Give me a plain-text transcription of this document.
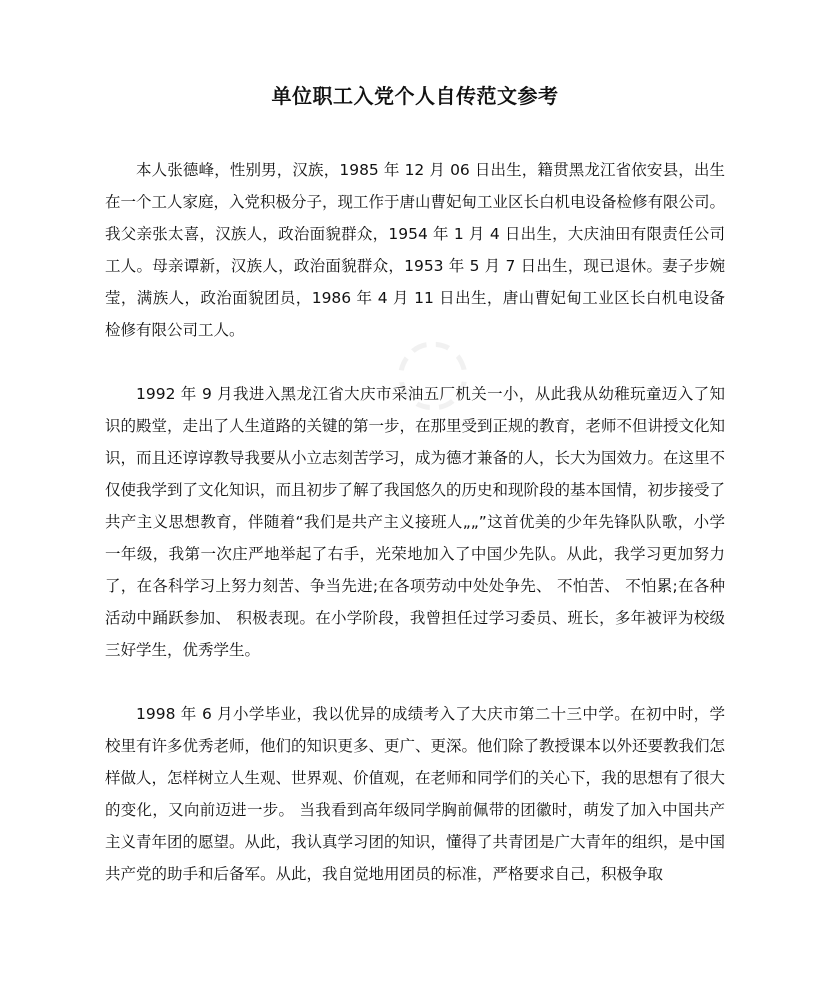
◌
单位职工入党个人自传范文参考

本人张德峰，性别男，汉族，1985 年 12 月 06 日出生，籍贯黑龙江省依安县，出生在一个工人家庭，入党积极分子，现工作于唐山曹妃甸工业区长白机电设备检修有限公司。我父亲张太喜，汉族人，政治面貌群众，1954 年 1 月 4 日出生，大庆油田有限责任公司工人。母亲谭新，汉族人，政治面貌群众，1953 年 5 月 7 日出生，现已退休。妻子步婉莹，满族人，政治面貌团员，1986 年 4 月 11 日出生，唐山曹妃甸工业区长白机电设备检修有限公司工人。

1992 年 9 月我进入黑龙江省大庆市采油五厂机关一小，从此我从幼稚玩童迈入了知识的殿堂，走出了人生道路的关键的第一步，在那里受到正规的教育，老师不但讲授文化知识，而且还谆谆教导我要从小立志刻苦学习，成为德才兼备的人，长大为国效力。在这里不仅使我学到了文化知识，而且初步了解了我国悠久的历史和现阶段的基本国情，初步接受了共产主义思想教育，伴随着“我们是共产主义接班人„„”这首优美的少年先锋队队歌，小学一年级，我第一次庄严地举起了右手，光荣地加入了中国少先队。从此，我学习更加努力了，在各科学习上努力刻苦、争当先进;在各项劳动中处处争先、 不怕苦、 不怕累;在各种活动中踊跃参加、 积极表现。在小学阶段，我曾担任过学习委员、班长，多年被评为校级三好学生，优秀学生。

1998 年 6 月小学毕业，我以优异的成绩考入了大庆市第二十三中学。在初中时，学校里有许多优秀老师，他们的知识更多、更广、更深。他们除了教授课本以外还要教我们怎样做人，怎样树立人生观、世界观、价值观，在老师和同学们的关心下，我的思想有了很大的变化，又向前迈进一步。 当我看到高年级同学胸前佩带的团徽时，萌发了加入中国共产主义青年团的愿望。从此，我认真学习团的知识，懂得了共青团是广大青年的组织，是中国共产党的助手和后备军。从此，我自觉地用团员的标准，严格要求自己，积极争取
